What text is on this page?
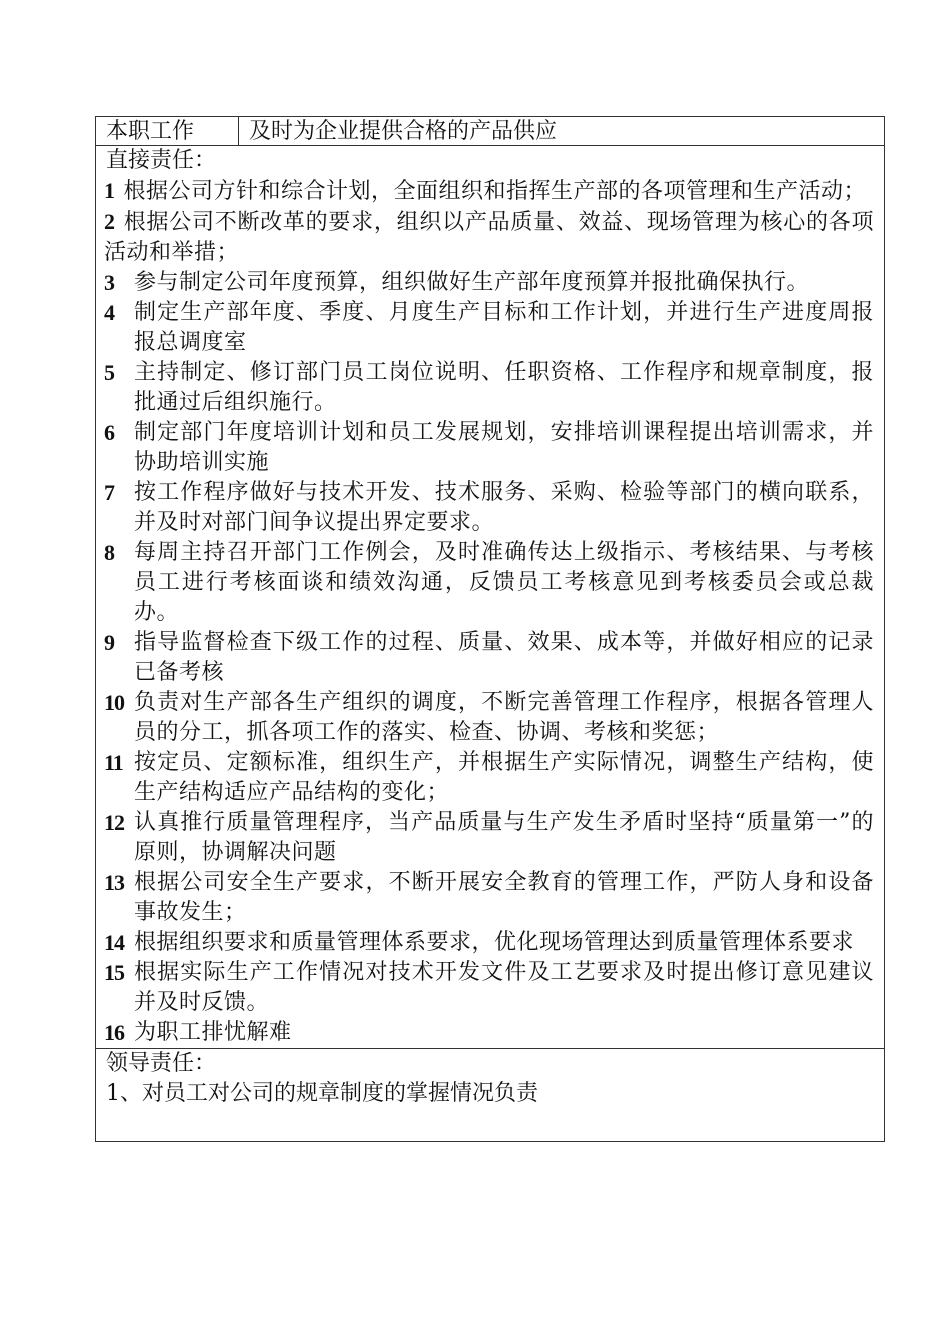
本职工作	及时为企业提供合格的产品供应
直接责任：
1 根据公司方针和综合计划，全面组织和指挥生产部的各项管理和生产活动；
2 根据公司不断改革的要求，组织以产品质量、效益、现场管理为核心的各项活动和举措；
3 参与制定公司年度预算，组织做好生产部年度预算并报批确保执行。
4 制定生产部年度、季度、月度生产目标和工作计划，并进行生产进度周报报总调度室
5 主持制定、修订部门员工岗位说明、任职资格、工作程序和规章制度，报批通过后组织施行。
6 制定部门年度培训计划和员工发展规划，安排培训课程提出培训需求，并协助培训实施
7 按工作程序做好与技术开发、技术服务、采购、检验等部门的横向联系，并及时对部门间争议提出界定要求。
8 每周主持召开部门工作例会，及时准确传达上级指示、考核结果、与考核员工进行考核面谈和绩效沟通，反馈员工考核意见到考核委员会或总裁办。
9 指导监督检查下级工作的过程、质量、效果、成本等，并做好相应的记录已备考核
10 负责对生产部各生产组织的调度，不断完善管理工作程序，根据各管理人员的分工，抓各项工作的落实、检查、协调、考核和奖惩；
11 按定员、定额标准，组织生产，并根据生产实际情况，调整生产结构，使生产结构适应产品结构的变化；
12 认真推行质量管理程序，当产品质量与生产发生矛盾时坚持“质量第一”的原则，协调解决问题
13 根据公司安全生产要求，不断开展安全教育的管理工作，严防人身和设备事故发生；
14 根据组织要求和质量管理体系要求，优化现场管理达到质量管理体系要求
15 根据实际生产工作情况对技术开发文件及工艺要求及时提出修订意见建议并及时反馈。
16 为职工排忧解难
领导责任：
1、对员工对公司的规章制度的掌握情况负责
